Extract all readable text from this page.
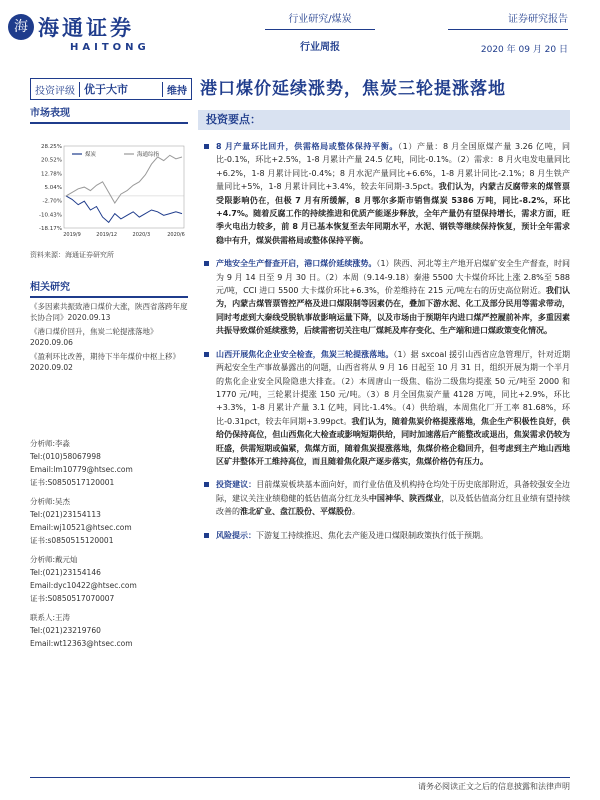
海 海通证券
HAITONG
行业研究/煤炭
行业周报
证券研究报告
2020 年 09 月 20 日
投资评级 优于大市	维持 港口煤价延续涨势，焦炭三轮提涨落地
市场表现
28.25%
20.52%
12.78%
5.04%
-2.70%
-10.43%
-18.17%
2019/9	2019/12	2020/3	2020/6
煤炭	海通综指
资料来源：海通证券研究所
相关研究
《多因素共振致港口煤价大涨，陕西省落跨年度长协合同》2020.09.13
《港口煤价回升，焦炭二轮提涨落地》2020.09.06
《盈利环比改善，期待下半年煤价中枢上移》2020.09.02
分析师:李淼
Tel:(010)58067998
Email:lm10779@htsec.com
证书:S0850517120001
分析师:吴杰
Tel:(021)23154113
Email:wj10521@htsec.com
证书:s0850515120001
分析师:戴元灿
Tel:(021)23154146
Email:dyc10422@htsec.com
证书:S0850517070007
联系人:王涛
Tel:(021)23219760
Email:wt12363@htsec.com
投资要点：
8 月产量环比回升，供需格局或整体保持平衡。（1）产量：8 月全国原煤产量 3.26 亿吨，同比-0.1%，环比+2.5%，1-8 月累计产量 24.5 亿吨，同比-0.1%。（2）需求：8 月火电发电量同比+6.2%，1-8 月累计同比-0.4%；8 月水泥产量同比+6.6%，1-8 月累计同比-2.1%；8 月生铁产量同比+5%，1-8 月累计同比+3.4%，较去年同期-3.5pct。我们认为，内蒙古反腐带来的煤管票受限影响仍在，但极 7 月有所缓解，8 月鄂尔多斯市销售煤炭 5386 万吨，同比-8.2%，环比+4.7%。随着反腐工作的持续推进和优质产能逐步释放，全年产量仍有望保持增长，需求方面，旺季火电出力较多，前 8 月已基本恢复至去年同期水平，水泥、钢铁等继续保持恢复，预计全年需求稳中有升，煤炭供需格局或整体保持平衡。
产地安全生产督查开启，港口煤价延续涨势。（1）陕西、河北等主产地开启煤矿安全生产督查，时间为 9 月 14 日至 9 月 30 日。（2）本周（9.14-9.18）秦港 5500 大卡煤价环比上涨 2.8%至 588 元/吨，CCI 进口 5500 大卡煤价环比+6.3%，价差维持在 215 元/吨左右的历史高位附近。我们认为，内蒙古煤管票管控严格及进口煤限制等因素仍在，叠加下游水泥、化工及部分民用等需求带动，同时考虑到大秦线受脱轨事故影响运量下降，以及市场由于预期年内进口煤严控履前补库，多重因素共振导致煤价延续涨势，后续需密切关注电厂煤耗及库存变化、生产端和进口煤政策变化情况。
山西开展焦化企业安全检查，焦炭三轮提涨落地。（1）据 sxcoal 援引山西省应急管理厅，针对近期两起安全生产事故暴露出的问题，山西省将从 9 月 16 日起至 10 月 31 日，组织开展为期一个半月的焦化企业安全风险隐患大排查。（2）本周唐山一级焦、临汾二级焦均提涨 50 元/吨至 2000 和 1770 元/吨，三轮累计提涨 150 元/吨。（3）8 月全国焦炭产量 4128 万吨，同比+2.9%，环比+3.3%，1-8 月累计产量 3.1 亿吨，同比-1.4%。（4）供给端，本周焦化厂开工率 81.68%，环比-0.31pct，较去年同期+3.99pct。我们认为，随着焦炭价格提涨落地，焦企生产积极性良好，供给仍保持高位，但山西焦化大检查或影响短期供给，同时加速落后产能整改或退出，焦炭需求仍较为旺盛，供需短期或偏紧，焦煤方面，随着焦炭提涨落地，焦煤价格企稳回升，但考虑到主产地山西地区矿井整体开工维持高位，而且随着焦化限产逐步落实，焦煤价格仍有压力。
投资建议：目前煤炭板块基本面向好，而行业估值及机构持仓均处于历史底部附近，具备较强安全边际，建议关注业绩稳健的低估值高分红龙头中国神华、陕西煤业，以及低估值高分红且业绩有望持续改善的淮北矿业、盘江股份、平煤股份。
风险提示：下游复工持续推迟、焦化去产能及进口煤限制政策执行低于预期。
请务必阅读正文之后的信息披露和法律声明
